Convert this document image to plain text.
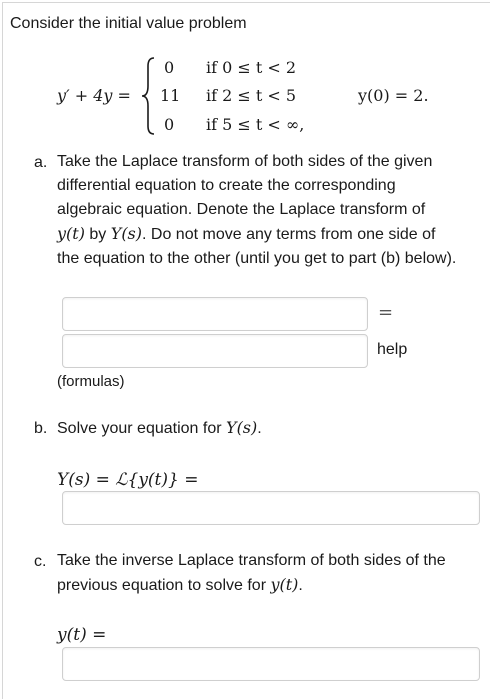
Consider the initial value problem
y′ + 4y =
0
11
0
if 0 ≤ t < 2
if 2 ≤ t < 5
if 5 ≤ t < ∞,
y(0) = 2.
a. Take the Laplace transform of both sides of the given
differential equation to create the corresponding
algebraic equation. Denote the Laplace transform of
y(t) by Y(s). Do not move any terms from one side of
the equation to the other (until you get to part (b) below).
=
help
(formulas)
b. Solve your equation for Y(s).
Y(s) = ℒ{y(t)} =
c. Take the inverse Laplace transform of both sides of the
previous equation to solve for y(t).
y(t) =
